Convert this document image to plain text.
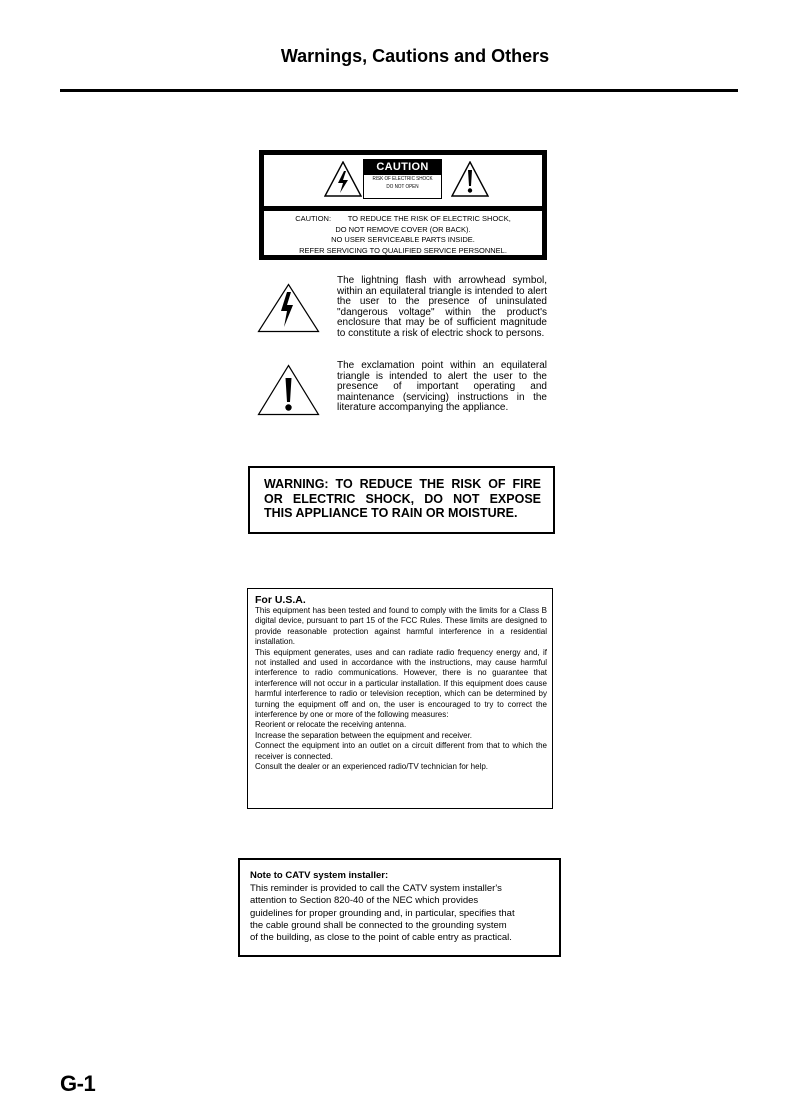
Warnings, Cautions and Others
CAUTION
RISK OF ELECTRIC SHOCK
DO NOT OPEN
CAUTION:        TO REDUCE THE RISK OF ELECTRIC SHOCK,
DO NOT REMOVE COVER (OR BACK).
NO USER SERVICEABLE PARTS INSIDE.
REFER SERVICING TO QUALIFIED SERVICE PERSONNEL.
The lightning flash with arrowhead symbol, within an equilateral triangle is intended to alert the user to the presence of uninsulated "dangerous voltage" within the product's enclosure that may be of sufficient magnitude to constitute a risk of electric shock to persons.
The exclamation point within an equilateral triangle is intended to alert the user to the presence of important operating and maintenance (servicing) instructions in the literature accompanying the appliance.
WARNING: TO REDUCE THE RISK OF FIRE
OR ELECTRIC SHOCK, DO NOT EXPOSE
THIS APPLIANCE TO RAIN OR MOISTURE.
For U.S.A.

This equipment has been tested and found to comply with the limits for a Class B digital device, pursuant to part 15 of the FCC Rules. These limits are designed to provide reasonable protection against harmful interference in a residential installation.

This equipment generates, uses and can radiate radio frequency energy and, if not installed and used in accordance with the instructions, may cause harmful interference to radio communications. However, there is no guarantee that interference will not occur in a particular installation. If this equipment does cause harmful interference to radio or television reception, which can be determined by turning the equipment off and on, the user is encouraged to try to correct the interference by one or more of the following measures:

Reorient or relocate the receiving antenna.

Increase the separation between the equipment and receiver.

Connect the equipment into an outlet on a circuit different from that to which the receiver is connected.

Consult the dealer or an experienced radio/TV technician for help.

Note to CATV system installer:
This reminder is provided to call the CATV system installer's
attention to Section 820-40 of the NEC which provides
guidelines for proper grounding and, in particular, specifies that
the cable ground shall be connected to the grounding system
of the building, as close to the point of cable entry as practical.
G-1
